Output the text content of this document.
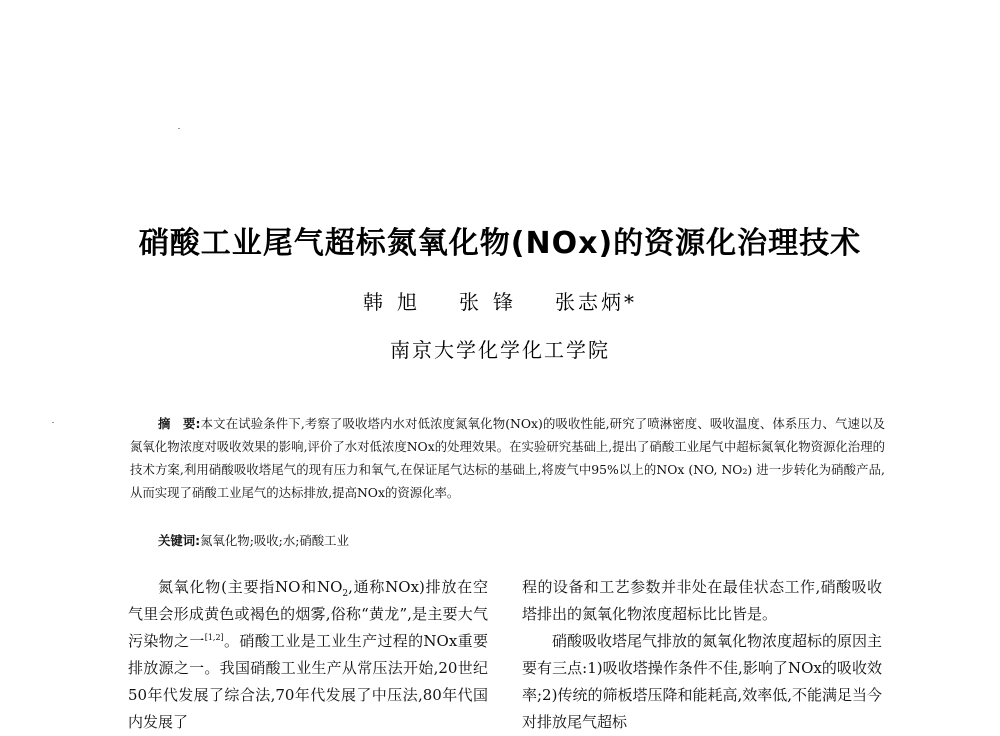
硝酸工业尾气超标氮氧化物(NOx)的资源化治理技术
韩旭 张锋 张志炳*
南京大学化学化工学院
摘　要:本文在试验条件下,考察了吸收塔内水对低浓度氮氧化物(NOx)的吸收性能,研究了喷淋密度、吸收温度、体系压力、气速以及氮氧化物浓度对吸收效果的影响,评价了水对低浓度NOx的处理效果。在实验研究基础上,提出了硝酸工业尾气中超标氮氧化物资源化治理的技术方案,利用硝酸吸收塔尾气的现有压力和氧气,在保证尾气达标的基础上,将废气中95%以上的NOx (NO, NO₂) 进一步转化为硝酸产品,从而实现了硝酸工业尾气的达标排放,提高NOx的资源化率。
关键词:氮氧化物;吸收;水;硝酸工业

氮氧化物(主要指NO和$NO_2$,通称NOx)排放在空气里会形成黄色或褐色的烟雾,俗称“黄龙”,是主要大气污染物之一[1,2]。硝酸工业是工业生产过程的NOx重要排放源之一。我国硝酸工业生产从常压法开始,20世纪50年代发展了综合法,70年代发展了中压法,80年代国内发展了

程的设备和工艺参数并非处在最佳状态工作,硝酸吸收塔排出的氮氧化物浓度超标比比皆是。

硝酸吸收塔尾气排放的氮氧化物浓度超标的原因主要有三点:1)吸收塔操作条件不佳,影响了NOx的吸收效率;2)传统的筛板塔压降和能耗高,效率低,不能满足当今对排放尾气超标
